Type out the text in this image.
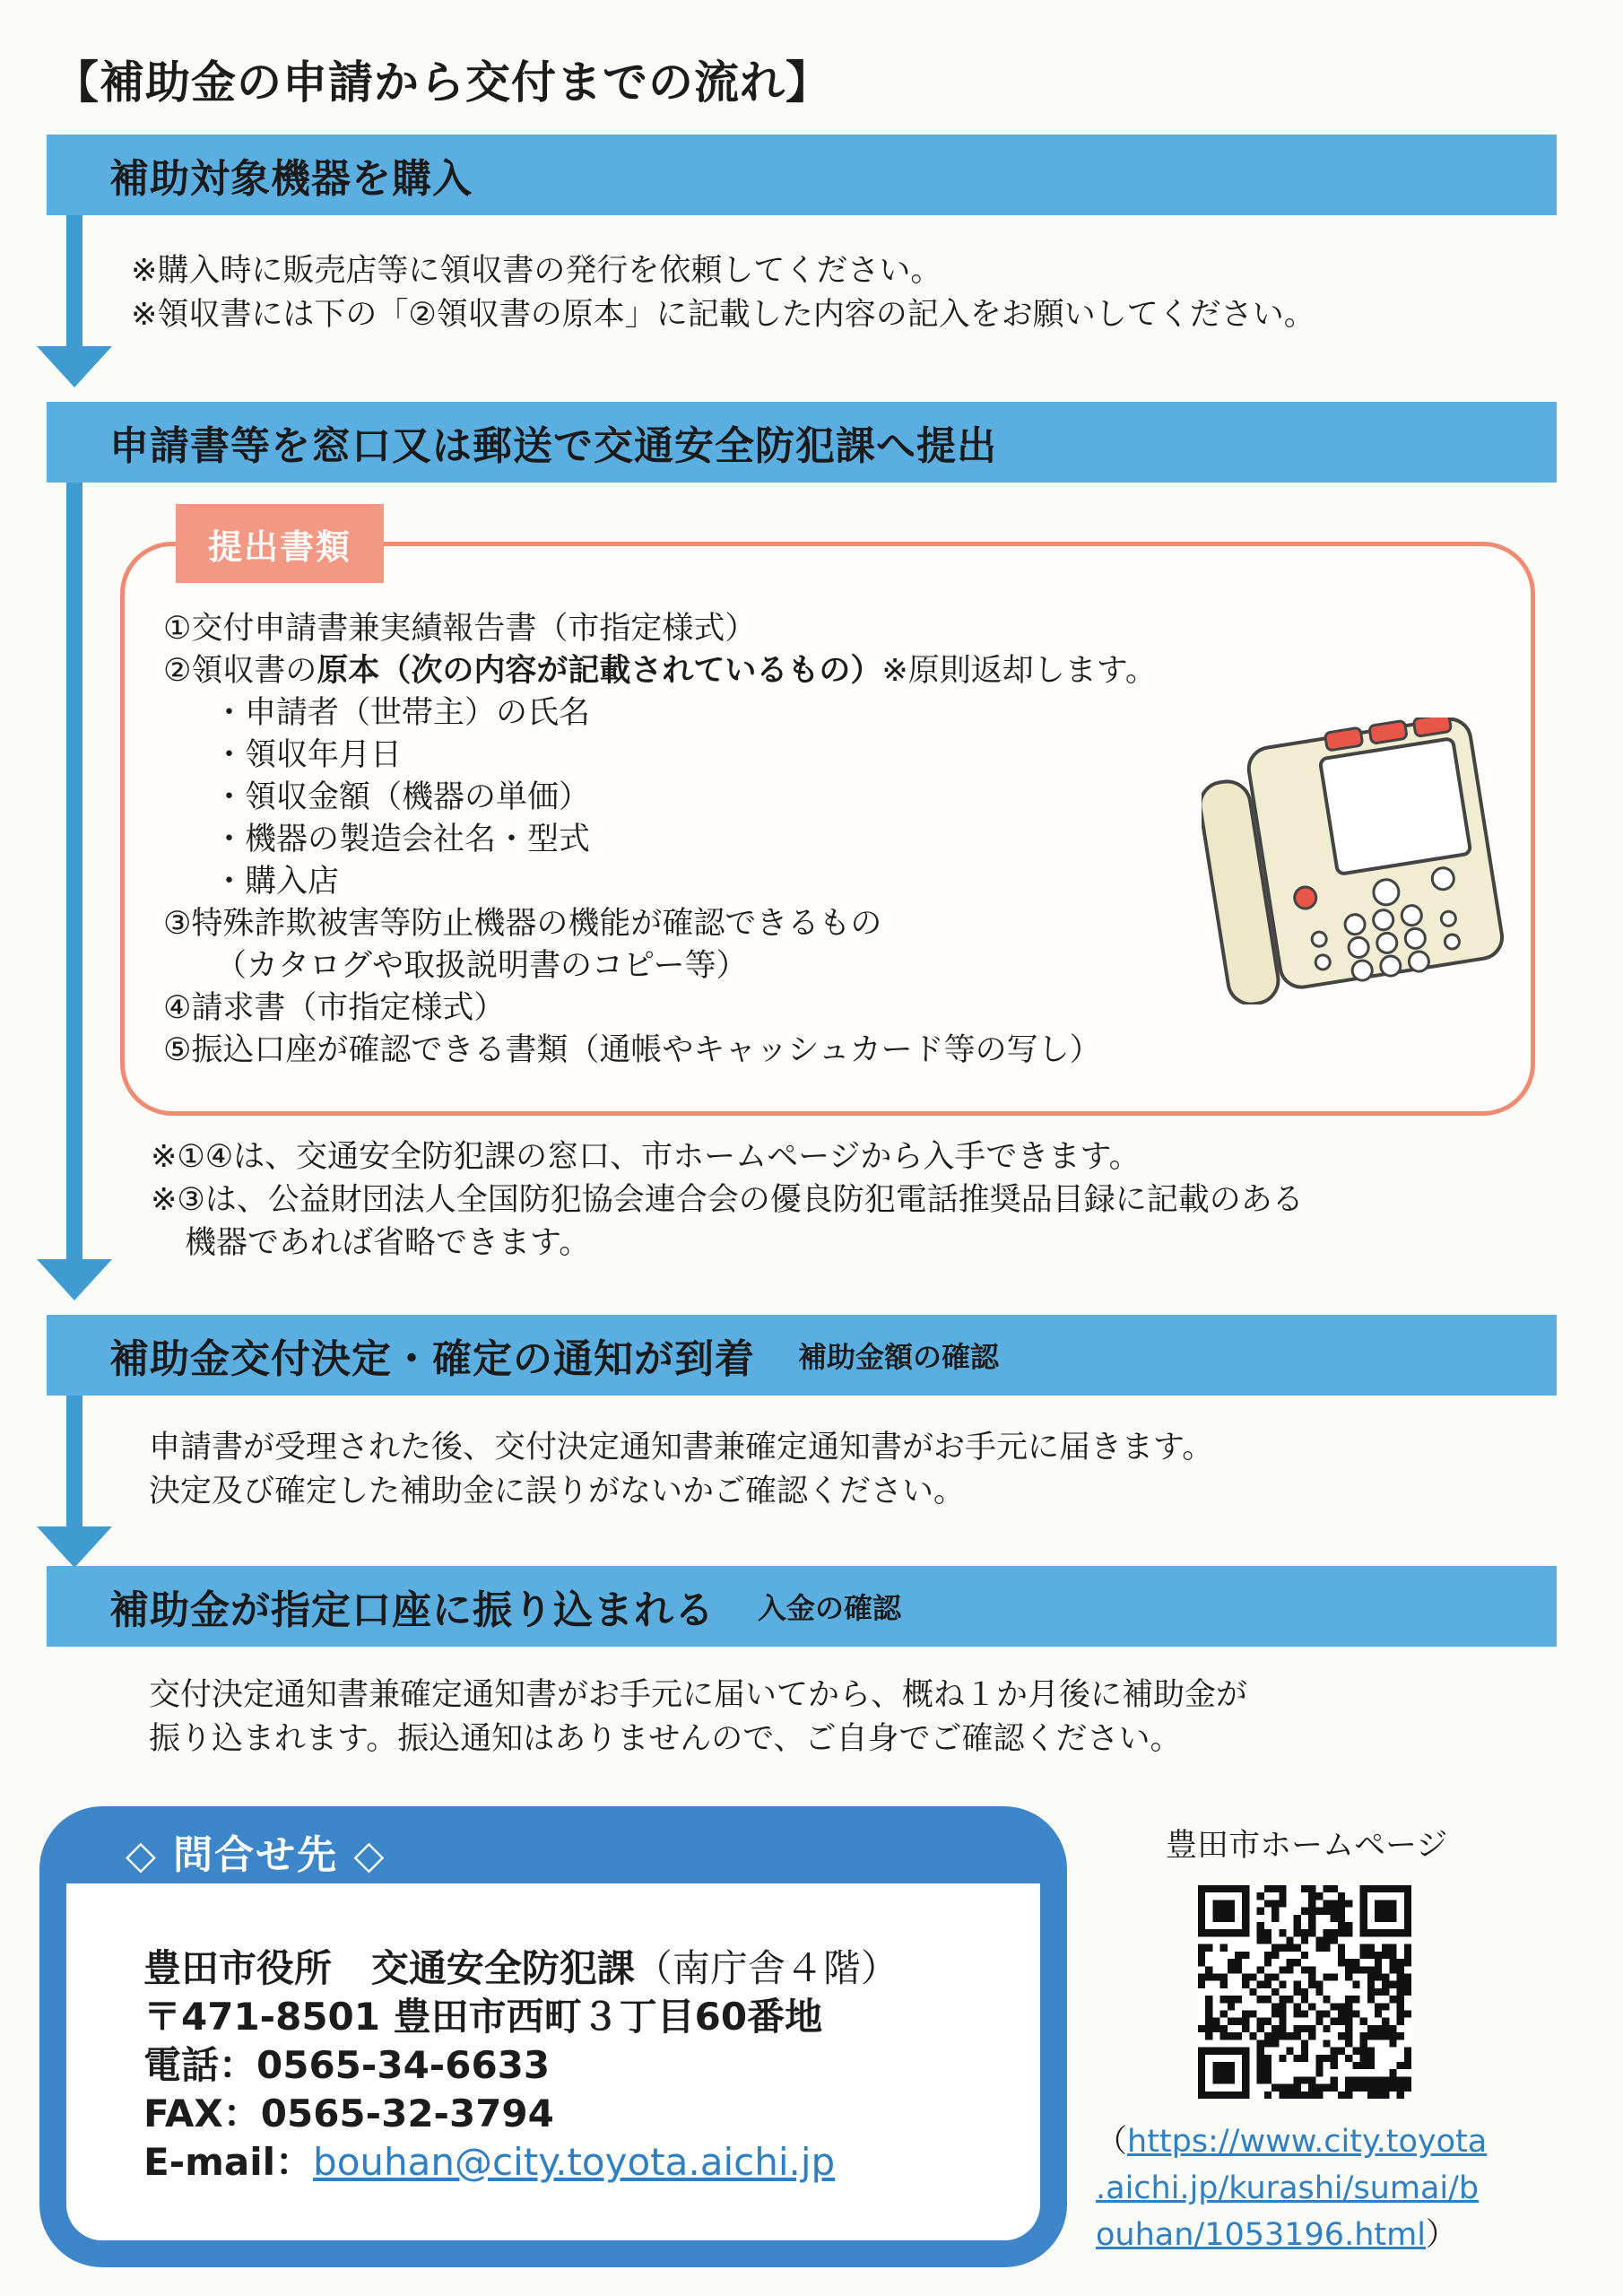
【補助金の申請から交付までの流れ】
補助対象機器を購入
※購入時に販売店等に領収書の発行を依頼してください。
※領収書には下の「②領収書の原本」に記載した内容の記入をお願いしてください。
申請書等を窓口又は郵送で交通安全防犯課へ提出
提出書類
①交付申請書兼実績報告書（市指定様式）
②領収書の原本（次の内容が記載されているもの）※原則返却します。
・申請者（世帯主）の氏名
・領収年月日
・領収金額（機器の単価）
・機器の製造会社名・型式
・購入店
③特殊詐欺被害等防止機器の機能が確認できるもの
（カタログや取扱説明書のコピー等）
④請求書（市指定様式）
⑤振込口座が確認できる書類（通帳やキャッシュカード等の写し）
※①④は、交通安全防犯課の窓口、市ホームページから入手できます。
※③は、公益財団法人全国防犯協会連合会の優良防犯電話推奨品目録に記載のある
機器であれば省略できます。
補助金交付決定・確定の通知が到着 補助金額の確認
申請書が受理された後、交付決定通知書兼確定通知書がお手元に届きます。
決定及び確定した補助金に誤りがないかご確認ください。
補助金が指定口座に振り込まれる 入金の確認
交付決定通知書兼確定通知書がお手元に届いてから、概ね１か月後に補助金が
振り込まれます。振込通知はありませんので、ご自身でご確認ください。
◇ 問合せ先 ◇
豊田市役所 交通安全防犯課（南庁舎４階）
〒471-8501 豊田市西町３丁目60番地
電話：0565-34-6633
FAX：0565-32-3794
E-mail：bouhan@city.toyota.aichi.jp
豊田市ホームページ
（https://www.city.toyota
.aichi.jp/kurashi/sumai/b
ouhan/1053196.html）
